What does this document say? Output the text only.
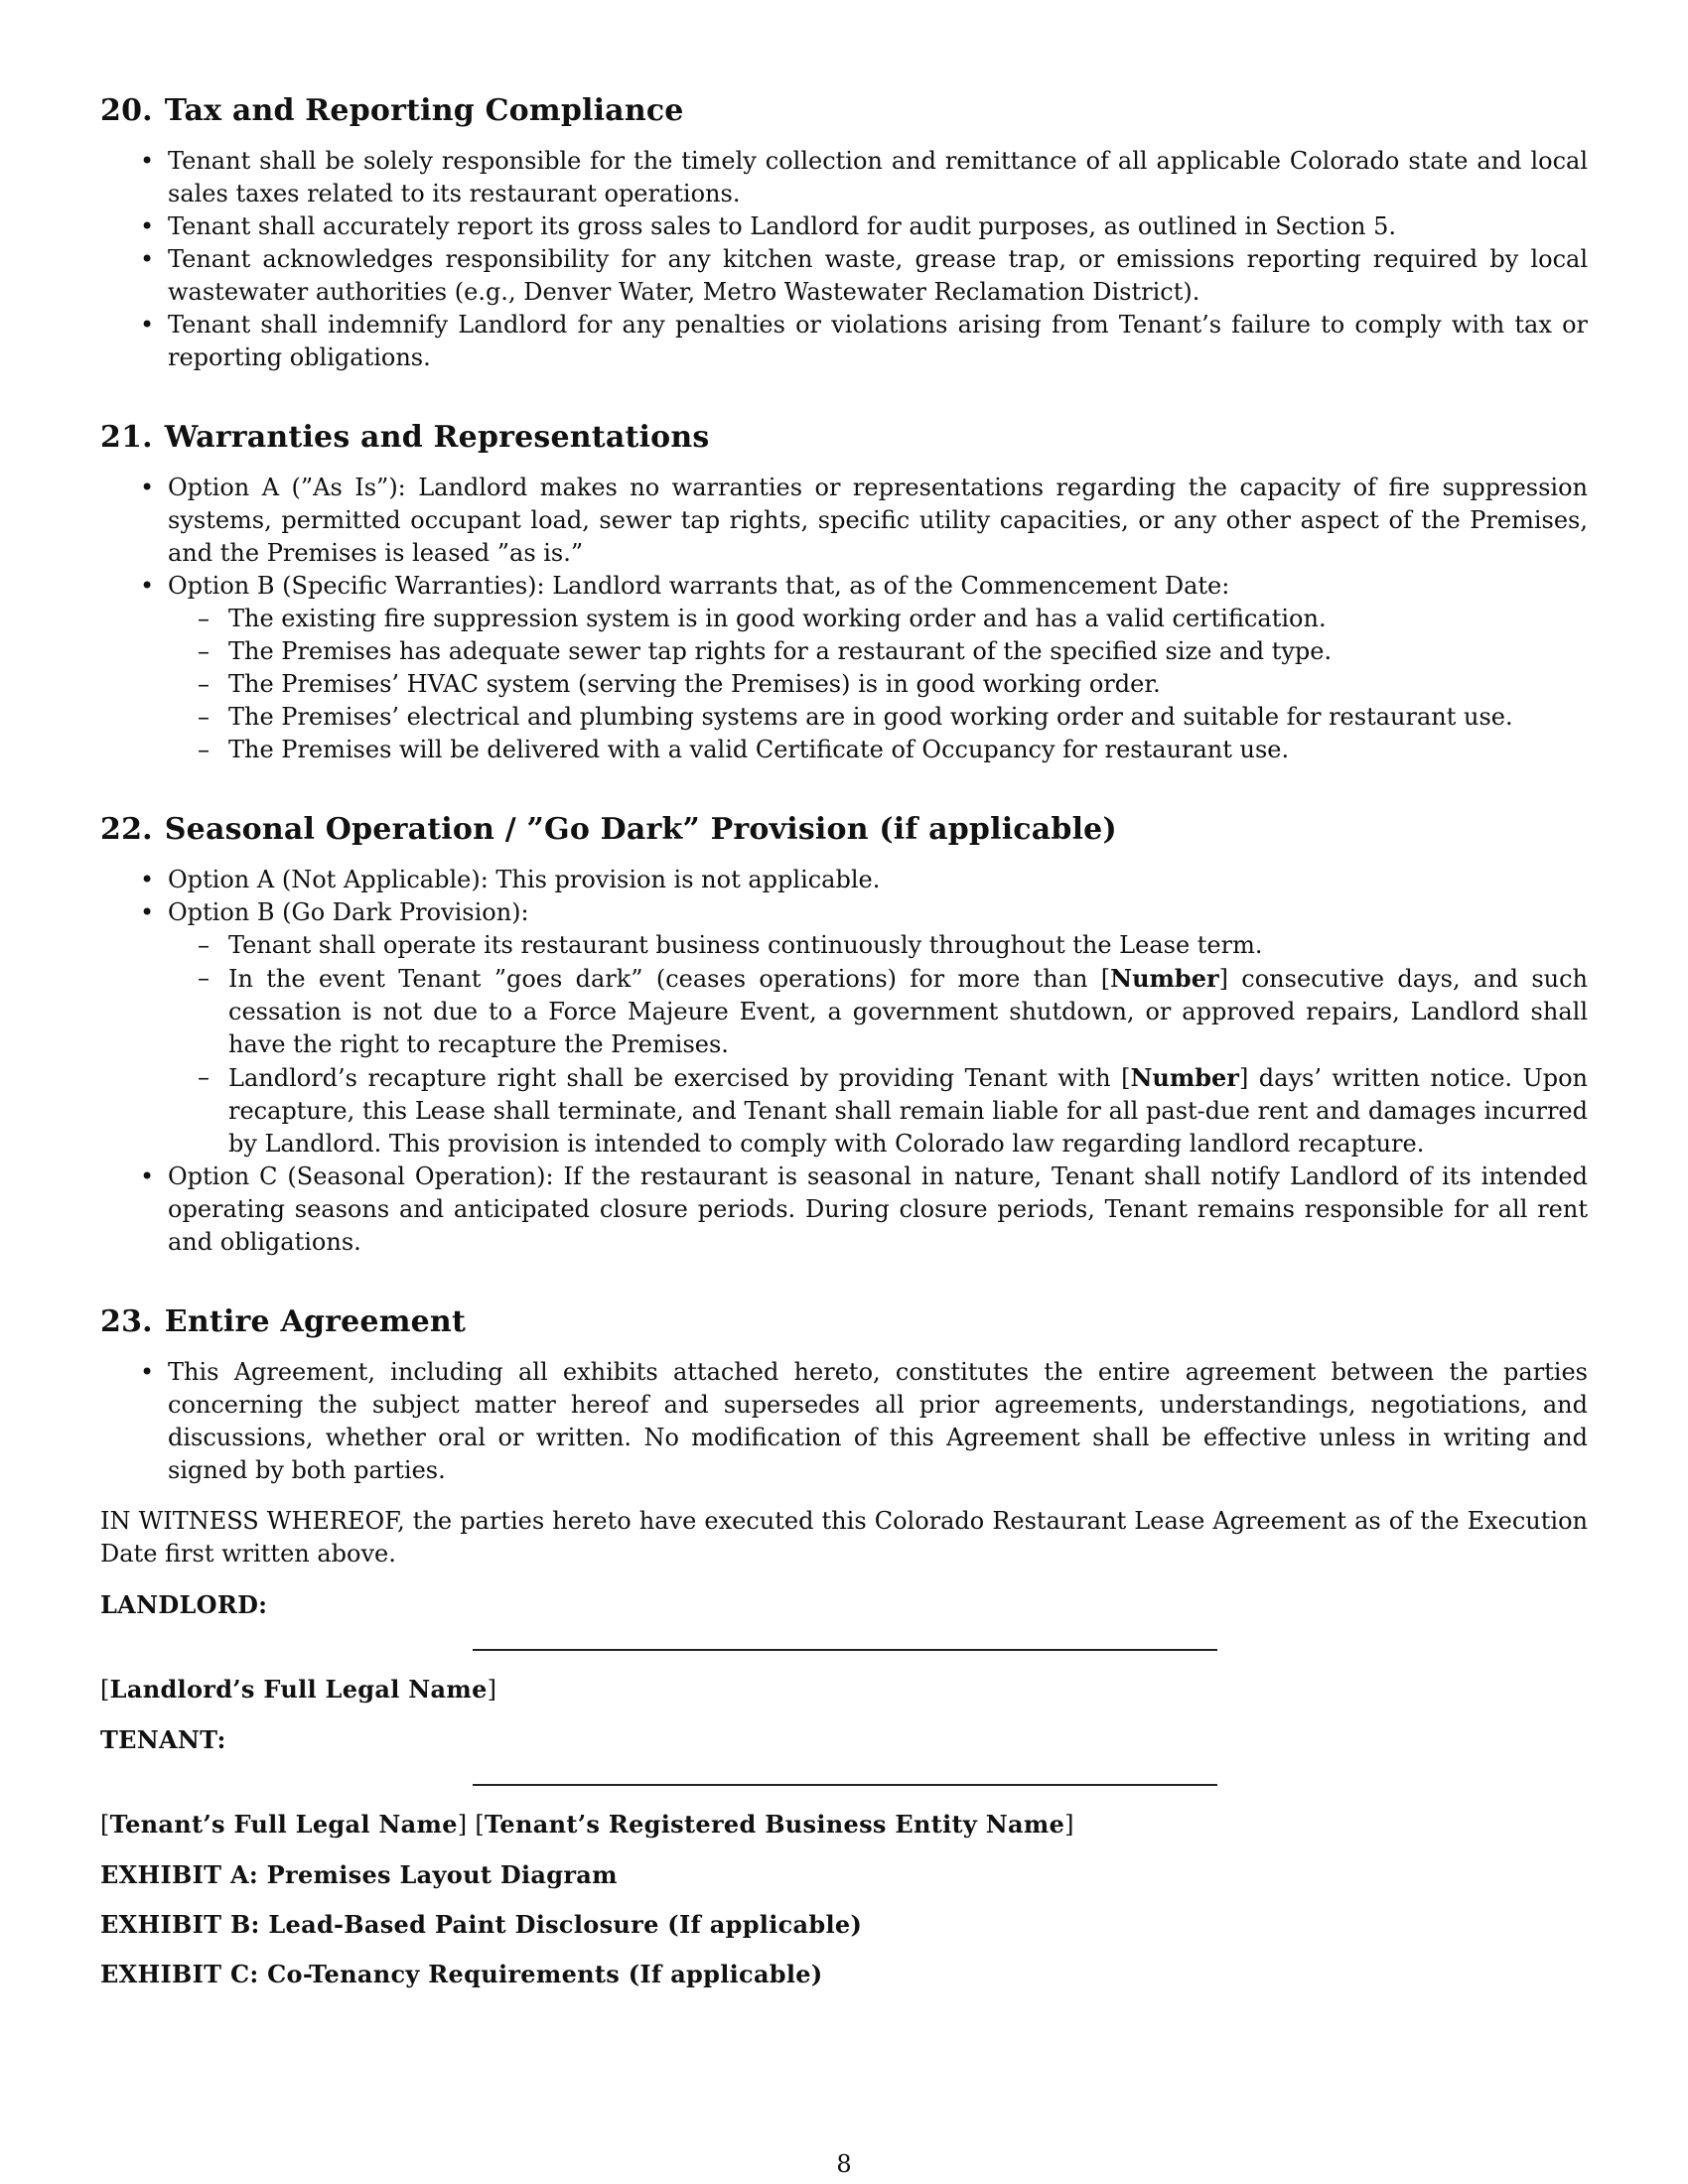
20. Tax and Reporting Compliance
• Tenant shall be solely responsible for the timely collection and remittance of all applicable Colorado state and local sales taxes related to its restaurant operations.
• Tenant shall accurately report its gross sales to Landlord for audit purposes, as outlined in Section 5.
• Tenant acknowledges responsibility for any kitchen waste, grease trap, or emissions reporting required by local wastewater authorities (e.g., Denver Water, Metro Wastewater Reclamation District).
• Tenant shall indemnify Landlord for any penalties or violations arising from Tenant’s failure to comply with tax or reporting obligations.
21. Warranties and Representations
• Option A (”As Is”): Landlord makes no warranties or representations regarding the capacity of fire suppression systems, permitted occupant load, sewer tap rights, specific utility capacities, or any other aspect of the Premises, and the Premises is leased ”as is.”
• Option B (Specific Warranties): Landlord warrants that, as of the Commencement Date:
– The existing fire suppression system is in good working order and has a valid certification.
– The Premises has adequate sewer tap rights for a restaurant of the specified size and type.
– The Premises’ HVAC system (serving the Premises) is in good working order.
– The Premises’ electrical and plumbing systems are in good working order and suitable for restaurant use.
– The Premises will be delivered with a valid Certificate of Occupancy for restaurant use.
22. Seasonal Operation / ”Go Dark” Provision (if applicable)
• Option A (Not Applicable): This provision is not applicable.
• Option B (Go Dark Provision):
– Tenant shall operate its restaurant business continuously throughout the Lease term.
– In the event Tenant ”goes dark” (ceases operations) for more than [Number] consecutive days, and such cessation is not due to a Force Majeure Event, a government shutdown, or approved repairs, Landlord shall have the right to recapture the Premises.
– Landlord’s recapture right shall be exercised by providing Tenant with [Number] days’ written notice. Upon recapture, this Lease shall terminate, and Tenant shall remain liable for all past-due rent and damages incurred by Landlord. This provision is intended to comply with Colorado law regarding landlord recapture.
• Option C (Seasonal Operation): If the restaurant is seasonal in nature, Tenant shall notify Landlord of its intended operating seasons and anticipated closure periods. During closure periods, Tenant remains responsible for all rent and obligations.
23. Entire Agreement
• This Agreement, including all exhibits attached hereto, constitutes the entire agreement between the parties concerning the subject matter hereof and supersedes all prior agreements, understandings, negotiations, and discussions, whether oral or written. No modification of this Agreement shall be effective unless in writing and signed by both parties.

IN WITNESS WHEREOF, the parties hereto have executed this Colorado Restaurant Lease Agreement as of the Execution Date first written above.

LANDLORD:

[Landlord’s Full Legal Name]

TENANT:

[Tenant’s Full Legal Name] [Tenant’s Registered Business Entity Name]

EXHIBIT A: Premises Layout Diagram

EXHIBIT B: Lead-Based Paint Disclosure (If applicable)

EXHIBIT C: Co-Tenancy Requirements (If applicable)

8
